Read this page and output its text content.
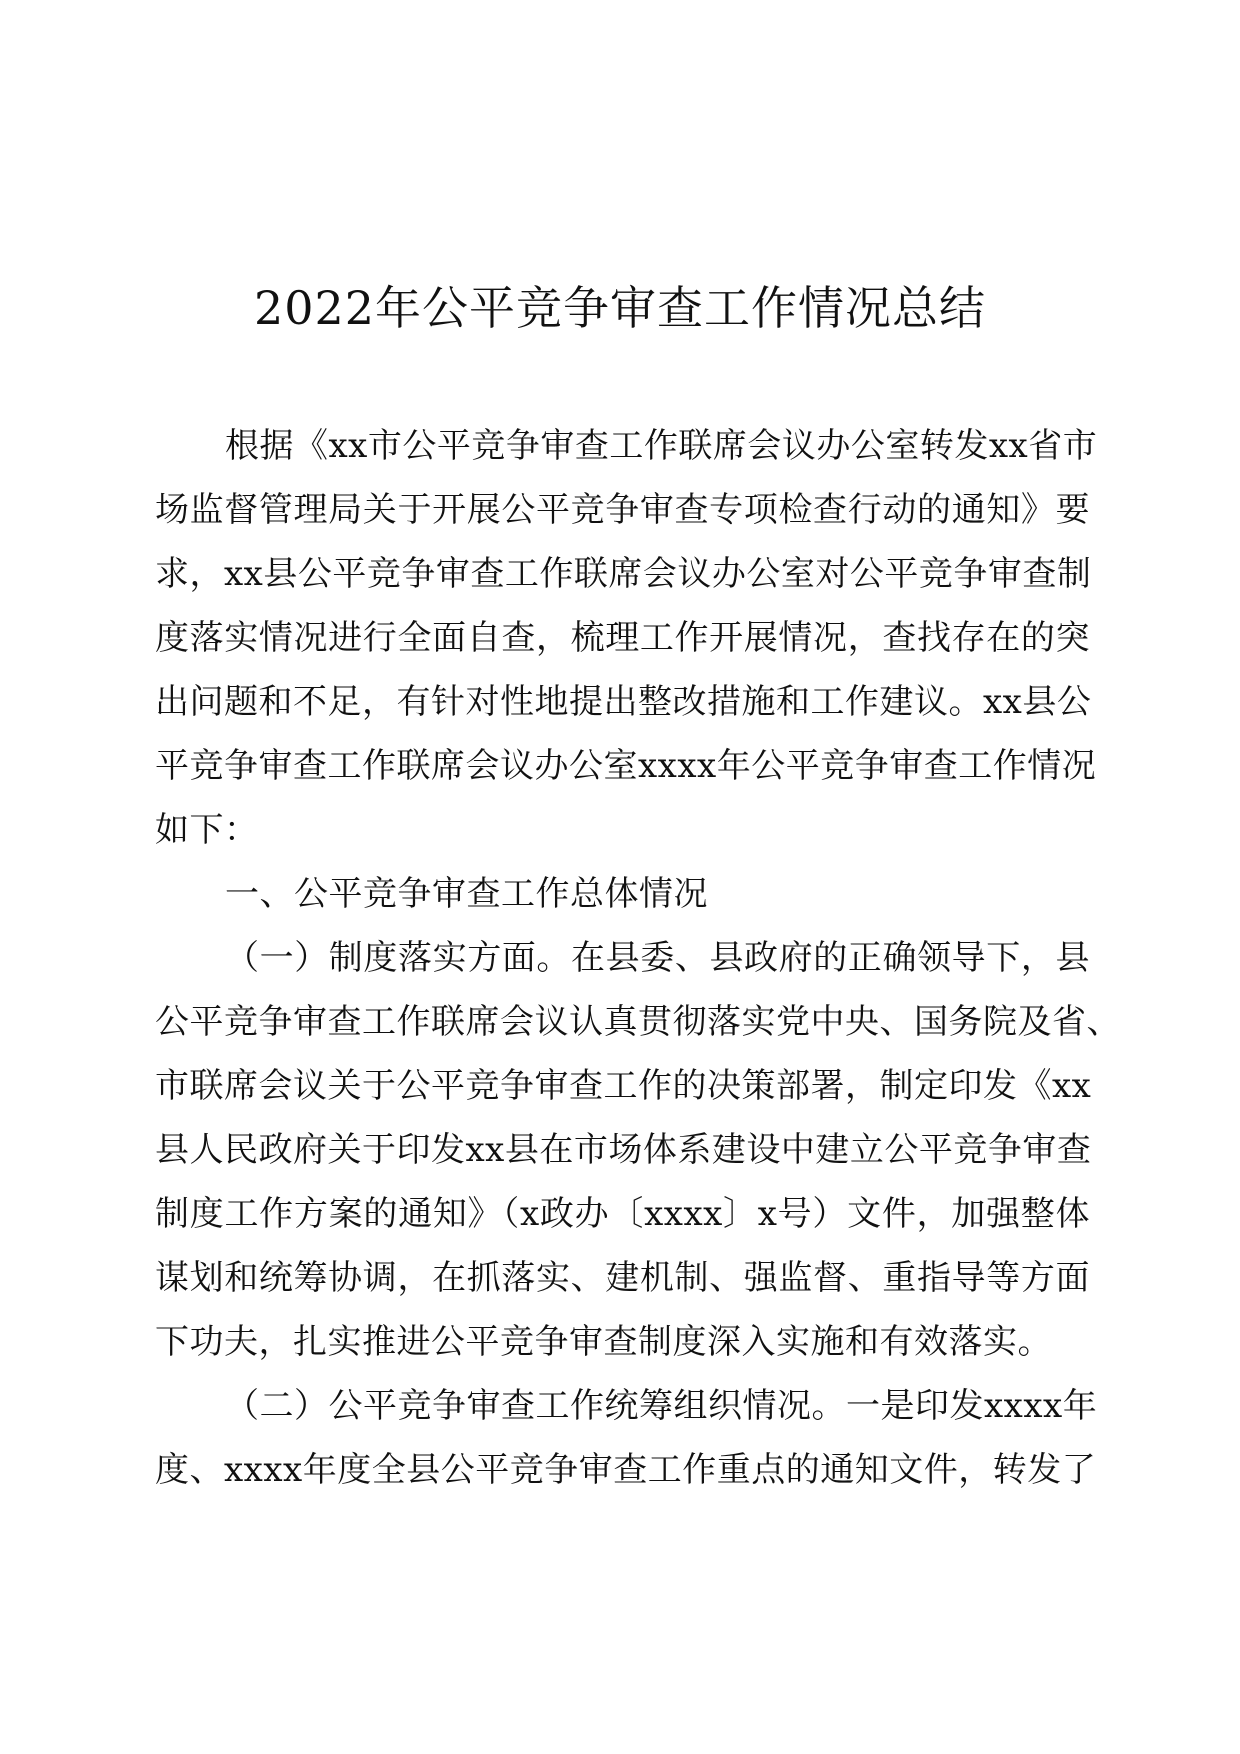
2022年公平竞争审查工作情况总结
根据《xx市公平竞争审查工作联席会议办公室转发xx省市
场监督管理局关于开展公平竞争审查专项检查行动的通知》要
求，xx县公平竞争审查工作联席会议办公室对公平竞争审查制
度落实情况进行全面自查，梳理工作开展情况，查找存在的突
出问题和不足，有针对性地提出整改措施和工作建议。xx县公
平竞争审查工作联席会议办公室xxxx年公平竞争审查工作情况
如下：
一、公平竞争审查工作总体情况
（一）制度落实方面。在县委、县政府的正确领导下，县
公平竞争审查工作联席会议认真贯彻落实党中央、国务院及省、
市联席会议关于公平竞争审查工作的决策部署，制定印发《xx
县人民政府关于印发xx县在市场体系建设中建立公平竞争审查
制度工作方案的通知》（x政办〔xxxx〕x号）文件，加强整体
谋划和统筹协调，在抓落实、建机制、强监督、重指导等方面
下功夫，扎实推进公平竞争审查制度深入实施和有效落实。
（二）公平竞争审查工作统筹组织情况。一是印发xxxx年
度、xxxx年度全县公平竞争审查工作重点的通知文件，转发了
